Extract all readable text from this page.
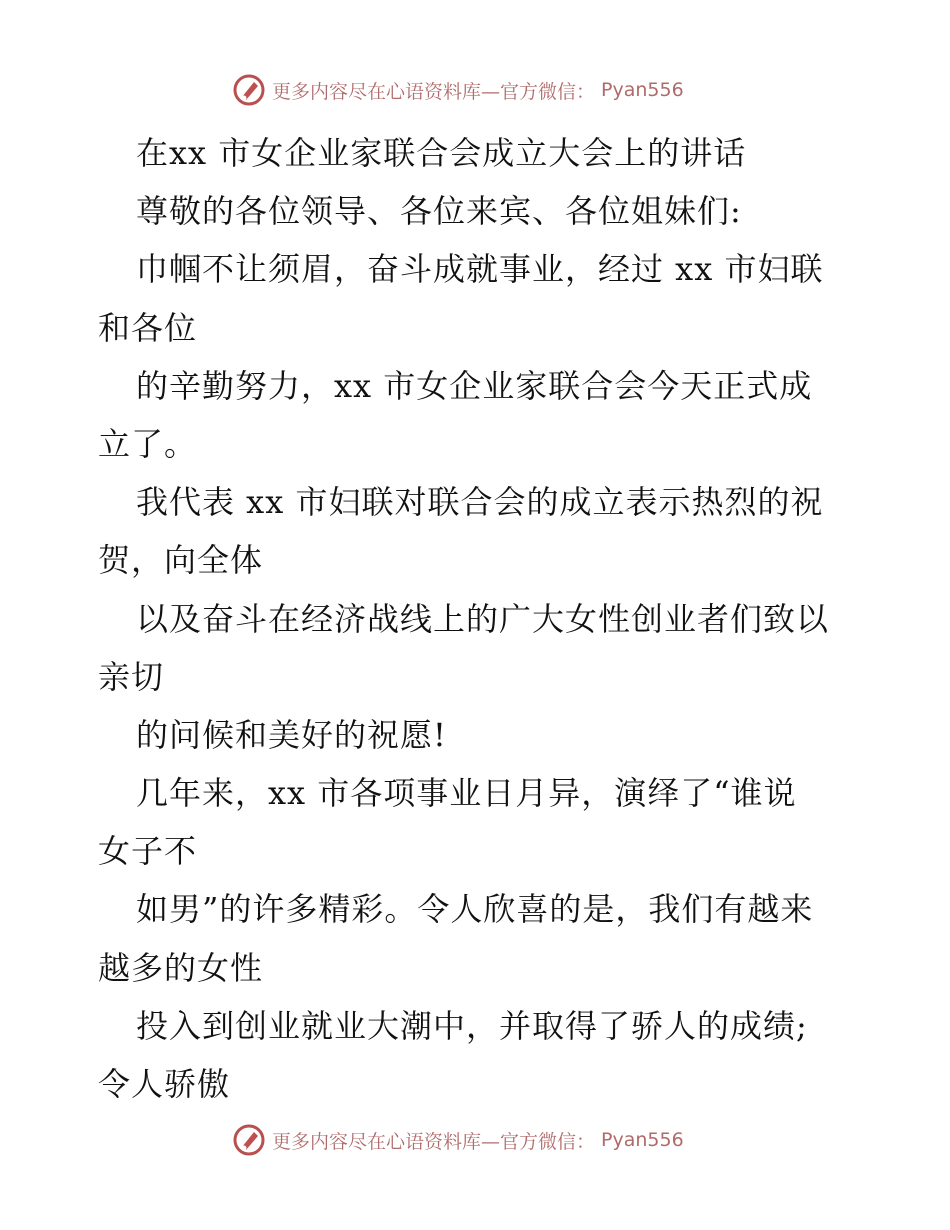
更多内容尽在心语资料库—官方微信： Pyan556
在xx 市女企业家联合会成立大会上的讲话
尊敬的各位领导、各位来宾、各位姐妹们:
巾帼不让须眉，奋斗成就事业，经过 xx 市妇联
和各位
的辛勤努力，xx 市女企业家联合会今天正式成
立了。
我代表 xx 市妇联对联合会的成立表示热烈的祝
贺，向全体
以及奋斗在经济战线上的广大女性创业者们致以
亲切
的问候和美好的祝愿!
几年来，xx 市各项事业日月异，演绎了“谁说
女子不
如男”的许多精彩。令人欣喜的是，我们有越来
越多的女性
投入到创业就业大潮中，并取得了骄人的成绩;
令人骄傲
更多内容尽在心语资料库—官方微信： Pyan556
